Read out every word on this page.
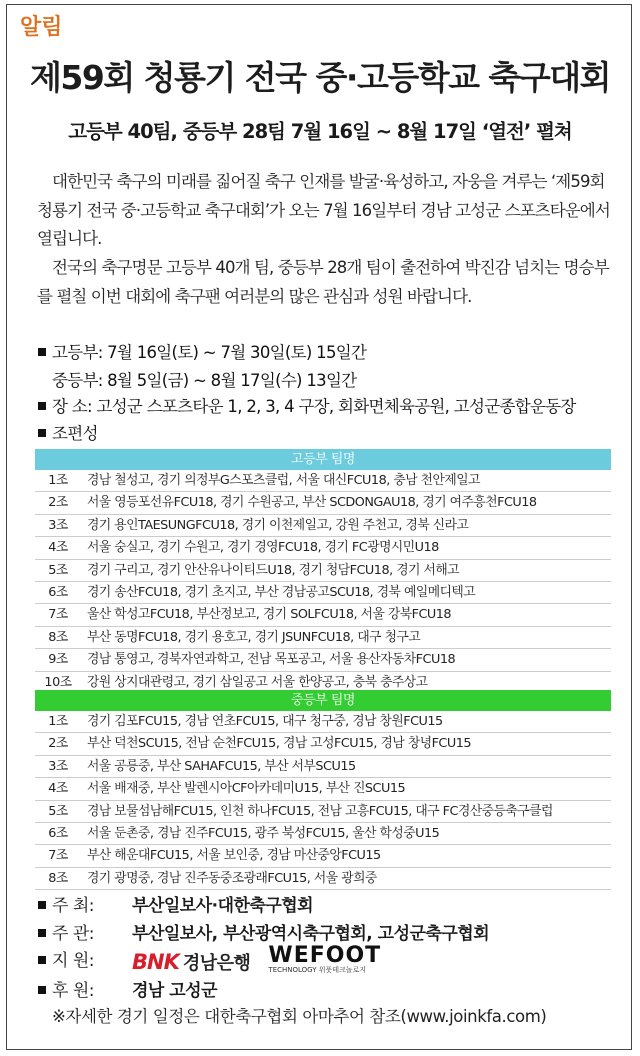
알림
제59회 청룡기 전국 중·고등학교 축구대회
고등부 40팀, 중등부 28팀 7월 16일 ~ 8월 17일 ‘열전’ 펼쳐
대한민국 축구의 미래를 짊어질 축구 인재를 발굴·육성하고, 자웅을 겨루는 ‘제59회
청룡기 전국 중·고등학교 축구대회’가 오는 7월 16일부터 경남 고성군 스포츠타운에서
열립니다.
전국의 축구명문 고등부 40개 팀, 중등부 28개 팀이 출전하여 박진감 넘치는 명승부
를 펼칠 이번 대회에 축구팬 여러분의 많은 관심과 성원 바랍니다.
고등부: 7월 16일(토) ~ 7월 30일(토) 15일간
중등부: 8월 5일(금) ~ 8월 17일(수) 13일간
장 소: 고성군 스포츠타운 1, 2, 3, 4 구장, 회화면체육공원, 고성군종합운동장
조편성
고등부 팀명
1조 경남 철성고, 경기 의정부G스포츠클럽, 서울 대신FCU18, 충남 천안제일고
2조 서울 영등포선유FCU18, 경기 수원공고, 부산 SCDONGAU18, 경기 여주흥천FCU18
3조 경기 용인TAESUNGFCU18, 경기 이천제일고, 강원 주천고, 경북 신라고
4조 서울 숭실고, 경기 수원고, 경기 경영FCU18, 경기 FC광명시민U18
5조 경기 구리고, 경기 안산유나이티드U18, 경기 청담FCU18, 경기 서해고
6조 경기 송산FCU18, 경기 초지고, 부산 경남공고SCU18, 경북 예일메디텍고
7조 울산 학성고FCU18, 부산정보고, 경기 SOLFCU18, 서울 강북FCU18
8조 부산 동명FCU18, 경기 용호고, 경기 JSUNFCU18, 대구 청구고
9조 경남 통영고, 경북자연과학고, 전남 목포공고, 서울 용산자동차FCU18
10조 강원 상지대관령고, 경기 삼일공고 서울 한양공고, 충북 충주상고
중등부 팀명
1조 경기 김포FCU15, 경남 연초FCU15, 대구 청구중, 경남 창원FCU15
2조 부산 덕천SCU15, 전남 순천FCU15, 경남 고성FCU15, 경남 창녕FCU15
3조 서울 공릉중, 부산 SAHAFCU15, 부산 서부SCU15
4조 서울 배재중, 부산 발렌시아CF아카데미U15, 부산 진SCU15
5조 경남 보물섬남해FCU15, 인천 하나FCU15, 전남 고흥FCU15, 대구 FC경산중등축구클럽
6조 서울 둔촌중, 경남 진주FCU15, 광주 북성FCU15, 울산 학성중U15
7조 부산 해운대FCU15, 서울 보인중, 경남 마산중앙FCU15
8조 경기 광명중, 경남 진주동중조광래FCU15, 서울 광희중
주 최: 부산일보사·대한축구협회
주 관: 부산일보사, 부산광역시축구협회, 고성군축구협회
지 원: BNK 경남은행 WEFOOT
TECHNOLOGY 위풋테크놀로지
후 원: 경남 고성군
※자세한 경기 일정은 대한축구협회 아마추어 참조(www.joinkfa.com)
